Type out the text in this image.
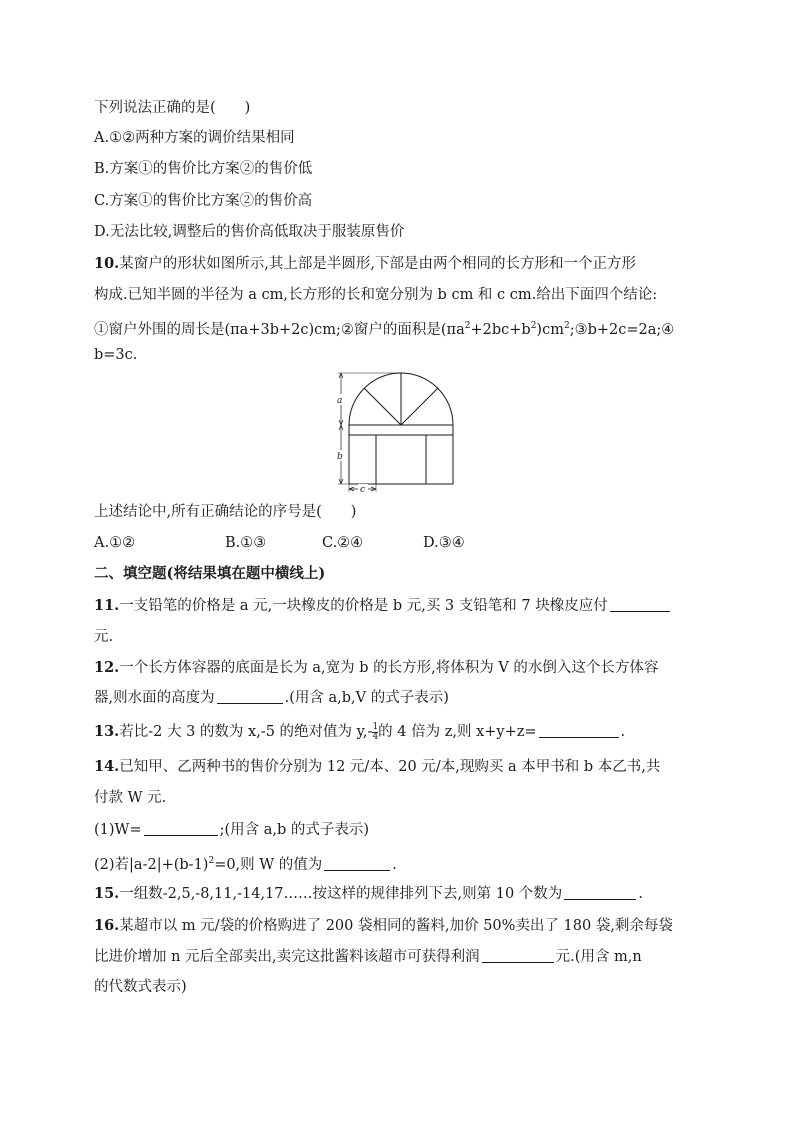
下列说法正确的是(　　)
A.①②两种方案的调价结果相同
B.方案①的售价比方案②的售价低
C.方案①的售价比方案②的售价高
D.无法比较,调整后的售价高低取决于服装原售价
10.某窗户的形状如图所示,其上部是半圆形,下部是由两个相同的长方形和一个正方形
构成.已知半圆的半径为 a cm,长方形的长和宽分别为 b cm 和 c cm.给出下面四个结论:
①窗户外围的周长是(πa+3b+2c)cm;②窗户的面积是$(\pi a^2+2bc+b^2)cm^2;③b+2c=2a;④$
b=3c.
a
b
c
上述结论中,所有正确结论的序号是(　　)
A.①②	B.①③	C.②④	D.③④
二、填空题(将结果填在题中横线上)
11.一支铅笔的价格是 a 元,一块橡皮的价格是 b 元,买 3 支铅笔和 7 块橡皮应付
元.
12.一个长方体容器的底面是长为 a,宽为 b 的长方形,将体积为 V 的水倒入这个长方体容
器,则水面的高度为	.(用含 a,b,V 的式子表示)
13.若比-2 大 3 的数为 x,-5 的绝对值为 $y,- \frac{1}{4}$ 的 4 倍为 z,则 x+y+z=	.
14.已知甲、乙两种书的售价分别为 12 元/本、20 元/本,现购买 a 本甲书和 b 本乙书,共
付款 W 元.
(1)W=	;(用含 a,b 的式子表示)
(2)若$|a-2|+(b-1)^2=0$,则 W 的值为	.
15.一组数-2,5,-8,11,-14,17……按这样的规律排列下去,则第 10 个数为	.
16.某超市以 m 元/袋的价格购进了 200 袋相同的酱料,加价 50%卖出了 180 袋,剩余每袋
比进价增加 n 元后全部卖出,卖完这批酱料该超市可获得利润	元.(用含 m,n
的代数式表示)
